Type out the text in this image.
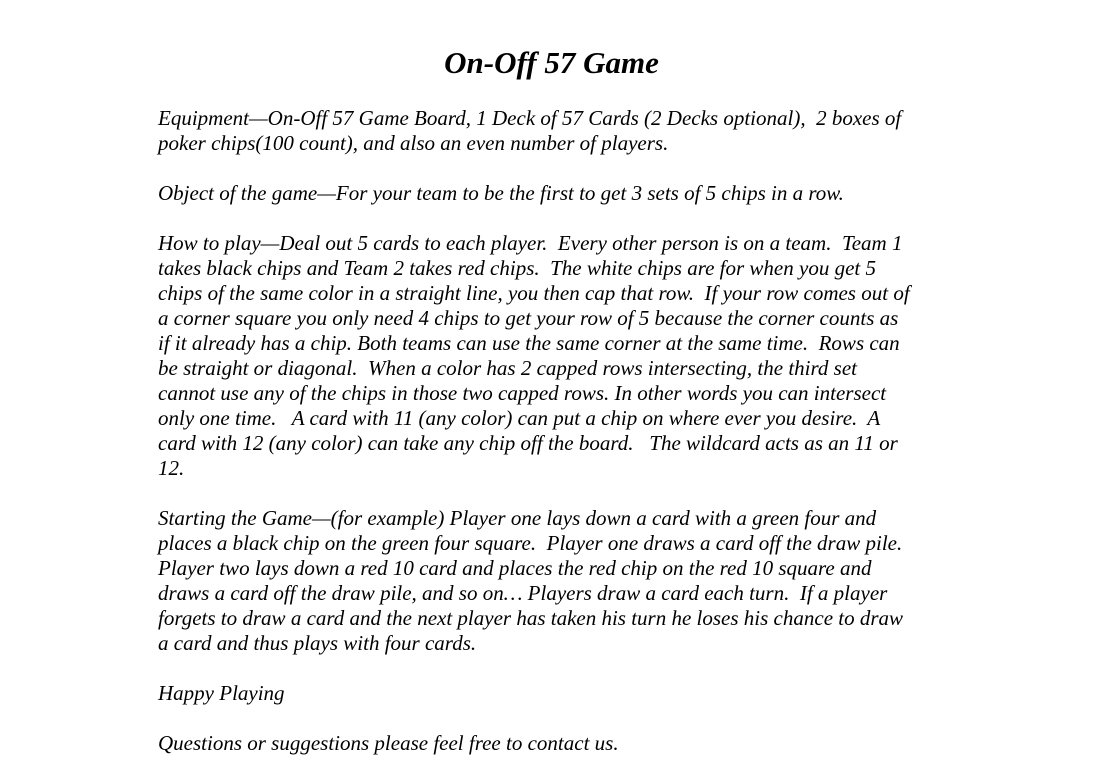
On-Off 57 Game

Equipment—On-Off 57 Game Board, 1 Deck of 57 Cards (2 Decks optional),  2 boxes of
poker chips(100 count), and also an even number of players.

Object of the game—For your team to be the first to get 3 sets of 5 chips in a row.

How to play—Deal out 5 cards to each player.  Every other person is on a team.  Team 1
takes black chips and Team 2 takes red chips.  The white chips are for when you get 5
chips of the same color in a straight line, you then cap that row.  If your row comes out of
a corner square you only need 4 chips to get your row of 5 because the corner counts as
if it already has a chip. Both teams can use the same corner at the same time.  Rows can
be straight or diagonal.  When a color has 2 capped rows intersecting, the third set
cannot use any of the chips in those two capped rows. In other words you can intersect
only one time.   A card with 11 (any color) can put a chip on where ever you desire.  A
card with 12 (any color) can take any chip off the board.   The wildcard acts as an 11 or
12.

Starting the Game—(for example) Player one lays down a card with a green four and
places a black chip on the green four square.  Player one draws a card off the draw pile.
Player two lays down a red 10 card and places the red chip on the red 10 square and
draws a card off the draw pile, and so on… Players draw a card each turn.  If a player
forgets to draw a card and the next player has taken his turn he loses his chance to draw
a card and thus plays with four cards.

Happy Playing

Questions or suggestions please feel free to contact us.
